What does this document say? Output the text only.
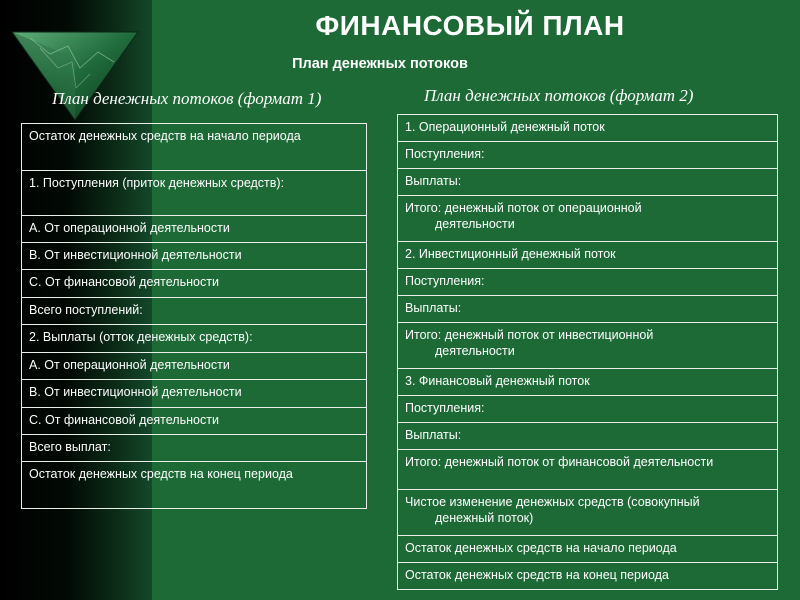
ФИНАНСОВЫЙ ПЛАН
План денежных потоков
План денежных потоков (формат 1)	План денежных потоков (формат 2)
Остаток денежных средств на начало периода
1. Поступления (приток денежных средств):
А. От операционной деятельности
В. От инвестиционной деятельности
С. От финансовой деятельности
Всего поступлений:
2. Выплаты (отток денежных средств):
А. От операционной деятельности
В. От инвестиционной деятельности
С. От финансовой деятельности
Всего выплат:
Остаток денежных средств на конец периода
1. Операционный денежный поток
Поступления:
Выплаты:
Итого: денежный поток от операционной
деятельности

2. Инвестиционный денежный поток
Поступления:
Выплаты:
Итого: денежный поток от инвестиционной
деятельности

3. Финансовый денежный поток
Поступления:
Выплаты:
Итого: денежный поток от финансовой деятельности
Чистое изменение денежных средств (совокупный
денежный поток)

Остаток денежных средств на начало периода
Остаток денежных средств на конец периода
